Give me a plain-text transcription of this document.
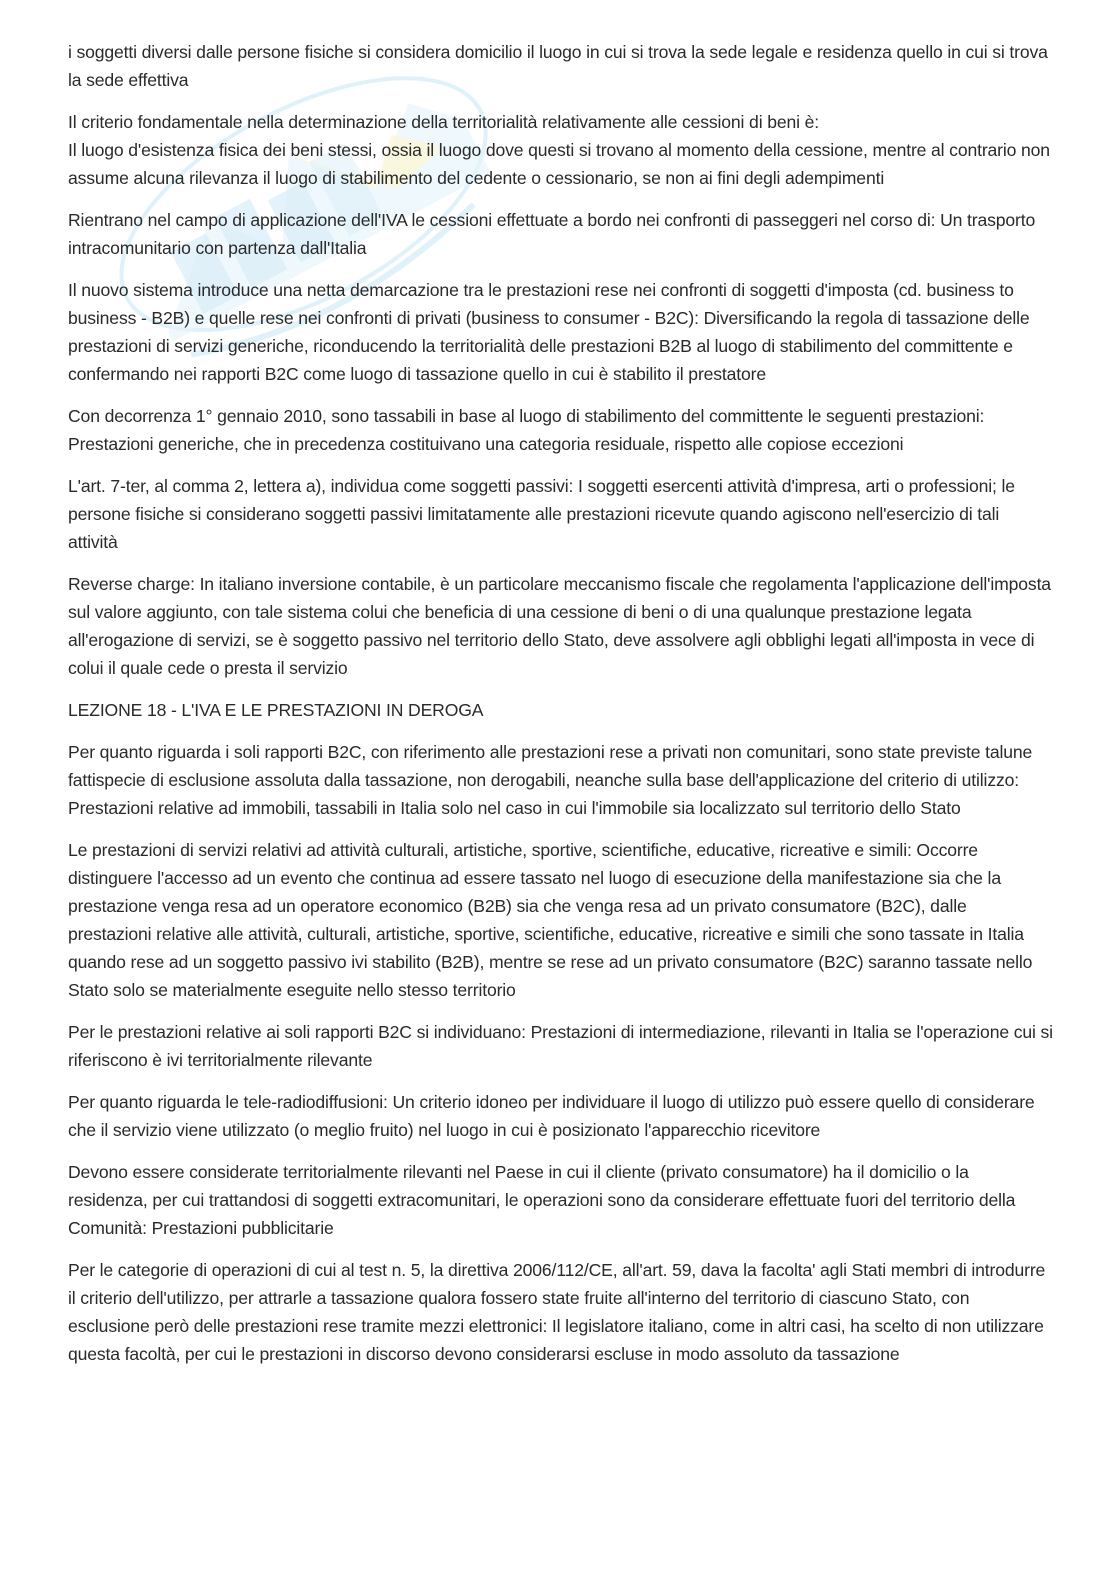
i soggetti diversi dalle persone fisiche si considera domicilio il luogo in cui si trova la sede legale e residenza quello in cui si trova la sede effettiva

Il criterio fondamentale nella determinazione della territorialità relativamente alle cessioni di beni è:
Il luogo d'esistenza fisica dei beni stessi, ossia il luogo dove questi si trovano al momento della cessione, mentre al contrario non assume alcuna rilevanza il luogo di stabilimento del cedente o cessionario, se non ai fini degli adempimenti

Rientrano nel campo di applicazione dell'IVA le cessioni effettuate a bordo nei confronti di passeggeri nel corso di: Un trasporto intracomunitario con partenza dall'Italia

Il nuovo sistema introduce una netta demarcazione tra le prestazioni rese nei confronti di soggetti d'imposta (cd. business to business - B2B) e quelle rese nei confronti di privati (business to consumer - B2C): Diversificando la regola di tassazione delle prestazioni di servizi generiche, riconducendo la territorialità delle prestazioni B2B al luogo di stabilimento del committente e confermando nei rapporti B2C come luogo di tassazione quello in cui è stabilito il prestatore

Con decorrenza 1° gennaio 2010, sono tassabili in base al luogo di stabilimento del committente le seguenti prestazioni: Prestazioni generiche, che in precedenza costituivano una categoria residuale, rispetto alle copiose eccezioni

L'art. 7-ter, al comma 2, lettera a), individua come soggetti passivi: I soggetti esercenti attività d'impresa, arti o professioni; le persone fisiche si considerano soggetti passivi limitatamente alle prestazioni ricevute quando agiscono nell'esercizio di tali attività

Reverse charge: In italiano inversione contabile, è un particolare meccanismo fiscale che regolamenta l'applicazione dell'imposta sul valore aggiunto, con tale sistema colui che beneficia di una cessione di beni o di una qualunque prestazione legata all'erogazione di servizi, se è soggetto passivo nel territorio dello Stato, deve assolvere agli obblighi legati all'imposta in vece di colui il quale cede o presta il servizio

LEZIONE 18 - L'IVA E LE PRESTAZIONI IN DEROGA

Per quanto riguarda i soli rapporti B2C, con riferimento alle prestazioni rese a privati non comunitari, sono state previste talune fattispecie di esclusione assoluta dalla tassazione, non derogabili, neanche sulla base dell'applicazione del criterio di utilizzo: Prestazioni relative ad immobili, tassabili in Italia solo nel caso in cui l'immobile sia localizzato sul territorio dello Stato

Le prestazioni di servizi relativi ad attività culturali, artistiche, sportive, scientifiche, educative, ricreative e simili: Occorre distinguere l'accesso ad un evento che continua ad essere tassato nel luogo di esecuzione della manifestazione sia che la prestazione venga resa ad un operatore economico (B2B) sia che venga resa ad un privato consumatore (B2C), dalle prestazioni relative alle attività, culturali, artistiche, sportive, scientifiche, educative, ricreative e simili che sono tassate in Italia quando rese ad un soggetto passivo ivi stabilito (B2B), mentre se rese ad un privato consumatore (B2C) saranno tassate nello Stato solo se materialmente eseguite nello stesso territorio

Per le prestazioni relative ai soli rapporti B2C si individuano: Prestazioni di intermediazione, rilevanti in Italia se l'operazione cui si riferiscono è ivi territorialmente rilevante

Per quanto riguarda le tele-radiodiffusioni: Un criterio idoneo per individuare il luogo di utilizzo può essere quello di considerare che il servizio viene utilizzato (o meglio fruito) nel luogo in cui è posizionato l'apparecchio ricevitore

Devono essere considerate territorialmente rilevanti nel Paese in cui il cliente (privato consumatore) ha il domicilio o la residenza, per cui trattandosi di soggetti extracomunitari, le operazioni sono da considerare effettuate fuori del territorio della Comunità: Prestazioni pubblicitarie

Per le categorie di operazioni di cui al test n. 5, la direttiva 2006/112/CE, all'art. 59, dava la facolta' agli Stati membri di introdurre il criterio dell'utilizzo, per attrarle a tassazione qualora fossero state fruite all'interno del territorio di ciascuno Stato, con esclusione però delle prestazioni rese tramite mezzi elettronici: Il legislatore italiano, come in altri casi, ha scelto di non utilizzare questa facoltà, per cui le prestazioni in discorso devono considerarsi escluse in modo assoluto da tassazione
